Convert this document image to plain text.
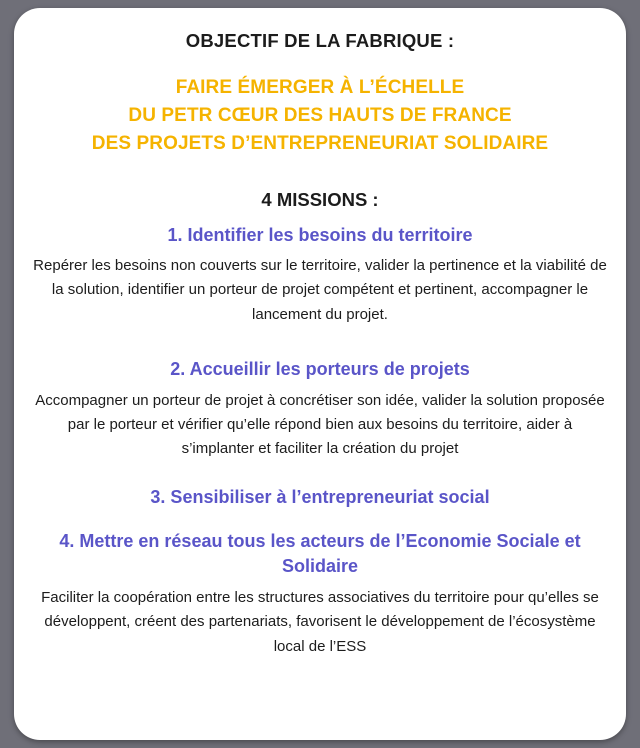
OBJECTIF DE LA FABRIQUE :
FAIRE ÉMERGER À L’ÉCHELLE
DU PETR CŒUR DES HAUTS DE FRANCE
DES PROJETS D’ENTREPRENEURIAT SOLIDAIRE
4 MISSIONS :
1. Identifier les besoins du territoire

Repérer les besoins non couverts sur le territoire, valider la pertinence et la viabilité de la solution, identifier un porteur de projet compétent et pertinent, accompagner le lancement du projet.

2. Accueillir les porteurs de projets

Accompagner un porteur de projet à concrétiser son idée, valider la solution proposée par le porteur et vérifier qu’elle répond bien aux besoins du territoire, aider à s’implanter et faciliter la création du projet

3. Sensibiliser à l’entrepreneuriat social
4. Mettre en réseau tous les acteurs de l’Economie Sociale et Solidaire

Faciliter la coopération entre les structures associatives du territoire pour qu’elles se développent, créent des partenariats, favorisent le développement de l’écosystème local de l’ESS
